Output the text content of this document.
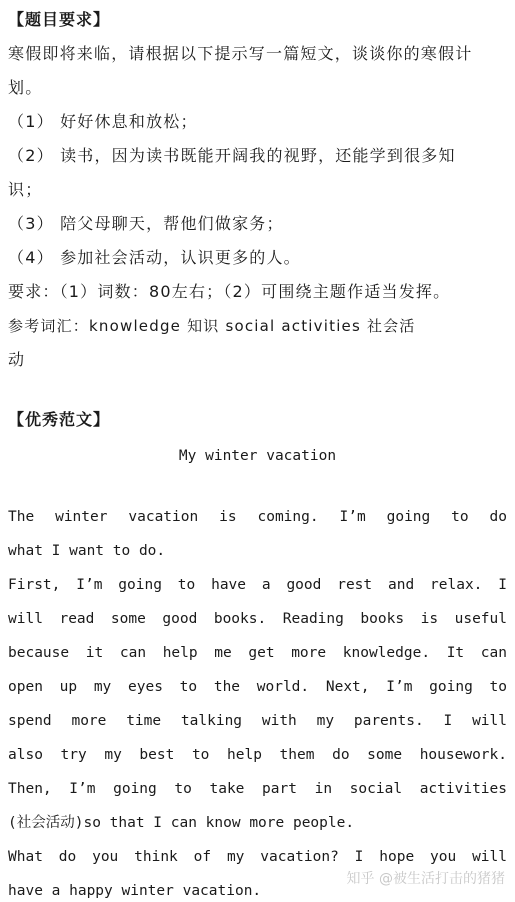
【题目要求】
寒假即将来临，请根据以下提示写一篇短文，谈谈你的寒假计
划。
（1） 好好休息和放松；
（2） 读书，因为读书既能开阔我的视野，还能学到很多知
识；
（3） 陪父母聊天，帮他们做家务；
（4） 参加社会活动，认识更多的人。
要求：（1）词数：80左右；（2）可围绕主题作适当发挥。
参考词汇：knowledge 知识 social activities 社会活
动
【优秀范文】
My winter vacation
The winter vacation is coming. I’m going to do
what I want to do.
First, I’m going to have a good rest and relax. I
will read some good books. Reading books is useful
because it can help me get more knowledge. It can
open up my eyes to the world. Next, I’m going to
spend more time talking with my parents. I will
also try my best to help them do some housework.
Then, I’m going to take part in social activities
(社会活动)so that I can know more people.
What do you think of my vacation? I hope you will
have a happy winter vacation.
知乎 @被生活打击的猪猪
